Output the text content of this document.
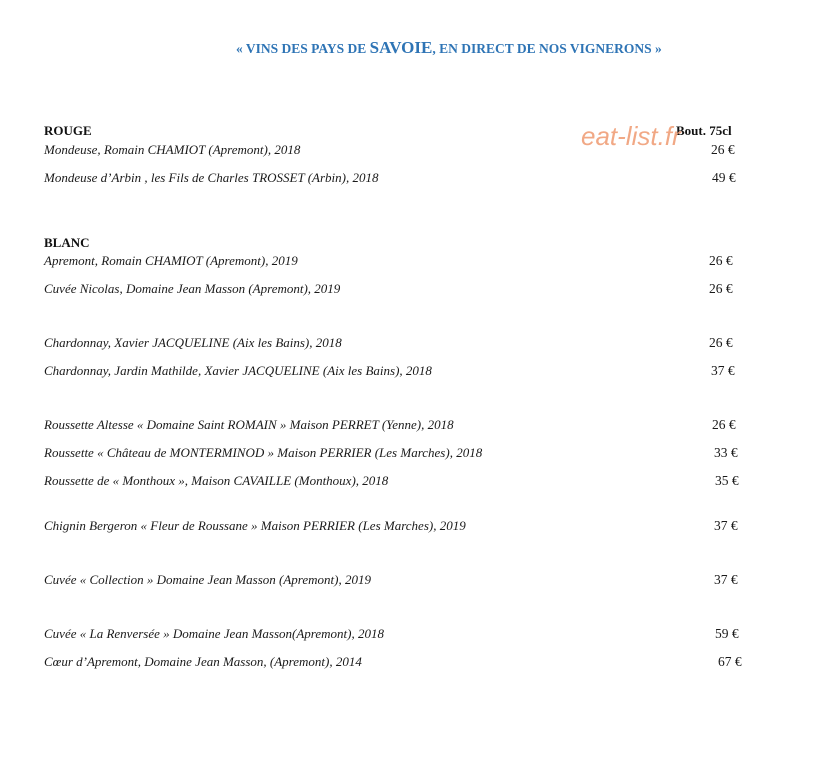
« VINS DES PAYS DE SAVOIE, EN DIRECT DE NOS VIGNERONS »
ROUGE	Bout. 75cl
eat-list.fr
Mondeuse, Romain CHAMIOT (Apremont), 2018	26 €
Mondeuse d’Arbin , les Fils de Charles TROSSET (Arbin), 2018	49 €
BLANC
Apremont, Romain CHAMIOT (Apremont), 2019	26 €
Cuvée Nicolas, Domaine Jean Masson (Apremont), 2019	26 €
Chardonnay, Xavier JACQUELINE (Aix les Bains), 2018	26 €
Chardonnay, Jardin Mathilde, Xavier JACQUELINE (Aix les Bains), 2018	37 €
Roussette Altesse « Domaine Saint ROMAIN » Maison PERRET (Yenne), 2018	26 €
Roussette « Château de MONTERMINOD » Maison PERRIER (Les Marches), 2018	33 €
Roussette de « Monthoux », Maison CAVAILLE (Monthoux), 2018	35 €
Chignin Bergeron « Fleur de Roussane » Maison PERRIER (Les Marches), 2019	37 €
Cuvée « Collection » Domaine Jean Masson (Apremont), 2019	37 €
Cuvée « La Renversée » Domaine Jean Masson(Apremont), 2018	59 €
Cœur d’Apremont, Domaine Jean Masson, (Apremont), 2014	67 €
